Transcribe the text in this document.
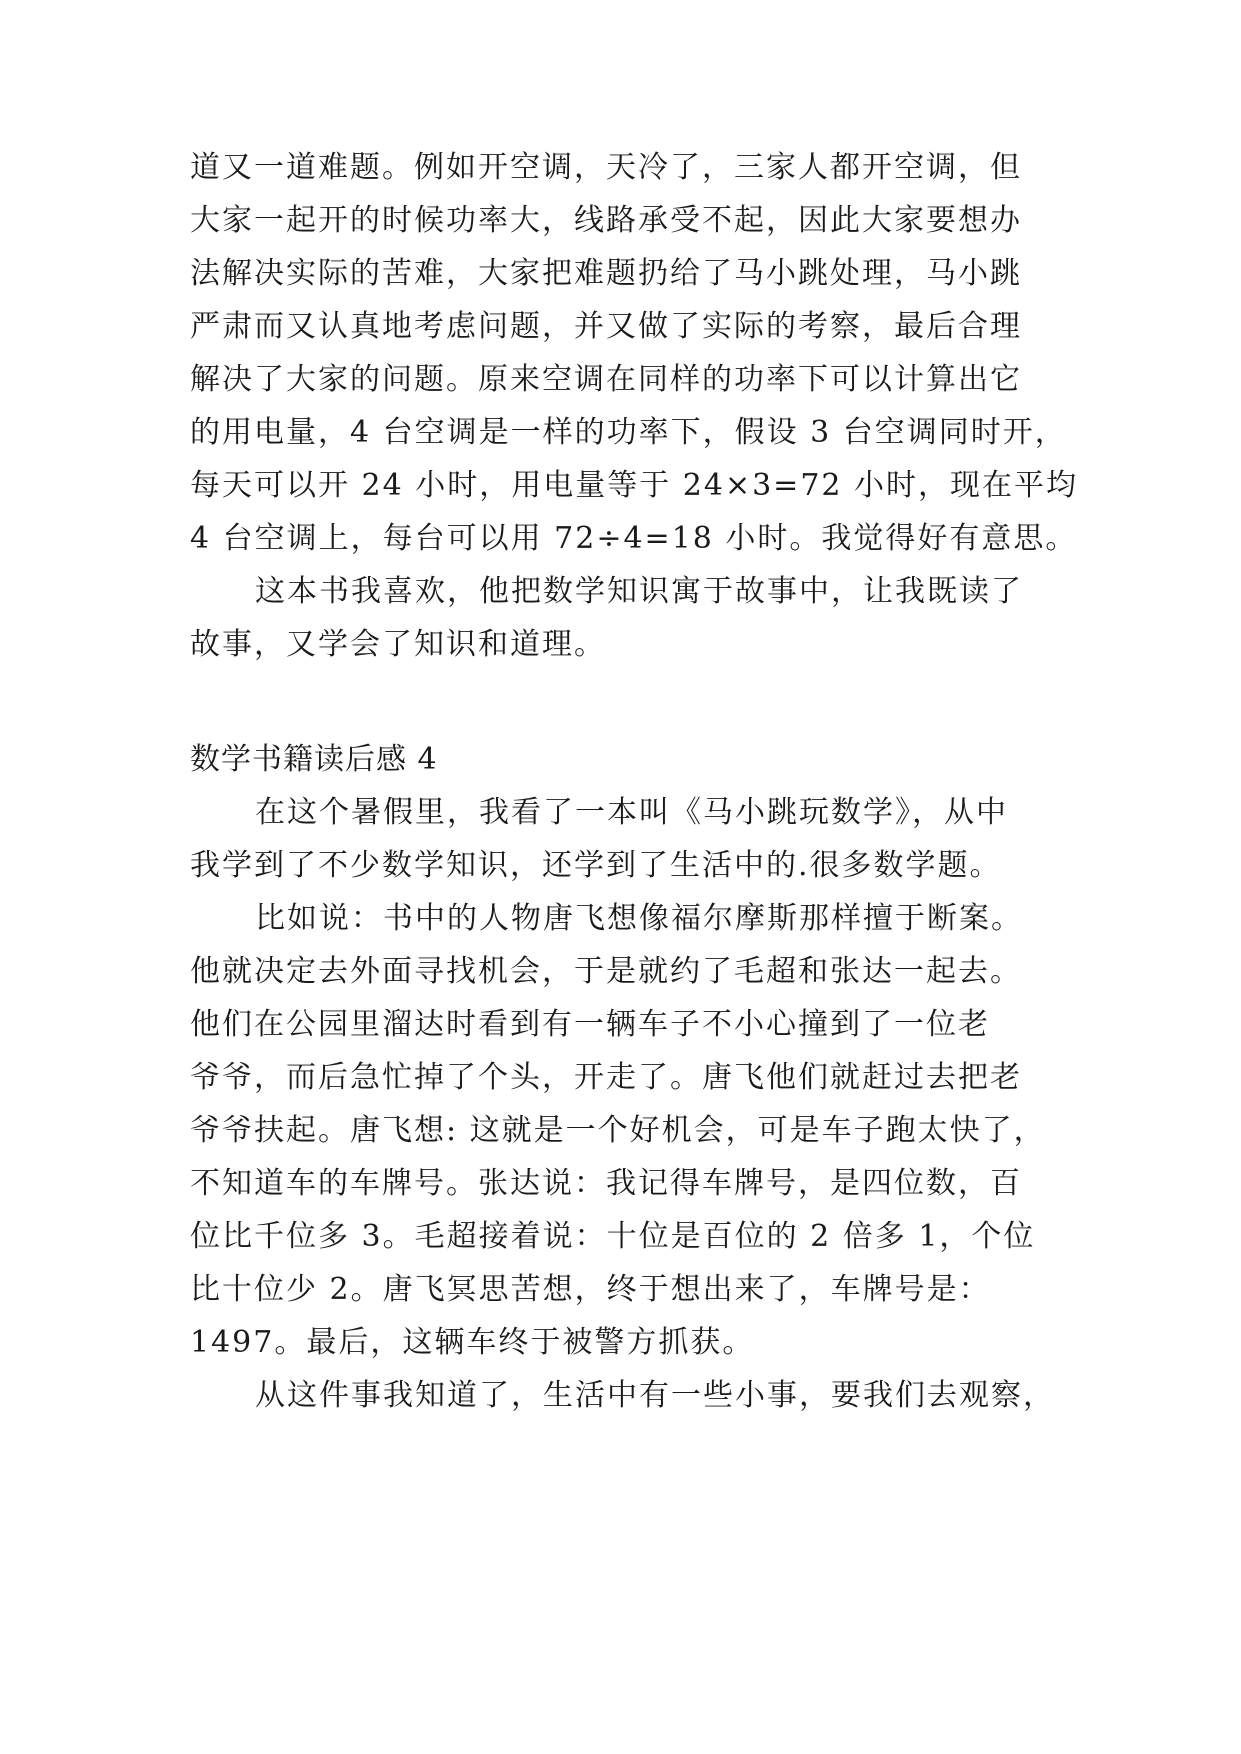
道又一道难题。例如开空调，天冷了，三家人都开空调，但
大家一起开的时候功率大，线路承受不起，因此大家要想办
法解决实际的苦难，大家把难题扔给了马小跳处理，马小跳
严肃而又认真地考虑问题，并又做了实际的考察，最后合理
解决了大家的问题。原来空调在同样的功率下可以计算出它
的用电量，4 台空调是一样的功率下，假设 3 台空调同时开，
每天可以开 24 小时，用电量等于 24×3=72 小时，现在平均
4 台空调上，每台可以用 72÷4=18 小时。我觉得好有意思。
这本书我喜欢，他把数学知识寓于故事中，让我既读了
故事，又学会了知识和道理。
数学书籍读后感 4
在这个暑假里，我看了一本叫《马小跳玩数学》，从中
我学到了不少数学知识，还学到了生活中的.很多数学题。
比如说：书中的人物唐飞想像福尔摩斯那样擅于断案。
他就决定去外面寻找机会，于是就约了毛超和张达一起去。
他们在公园里溜达时看到有一辆车子不小心撞到了一位老
爷爷，而后急忙掉了个头，开走了。唐飞他们就赶过去把老
爷爷扶起。唐飞想: 这就是一个好机会，可是车子跑太快了，
不知道车的车牌号。张达说：我记得车牌号，是四位数，百
位比千位多 3。毛超接着说：十位是百位的 2 倍多 1，个位
比十位少 2。唐飞冥思苦想，终于想出来了，车牌号是：
1497。最后，这辆车终于被警方抓获。
从这件事我知道了，生活中有一些小事，要我们去观察，
